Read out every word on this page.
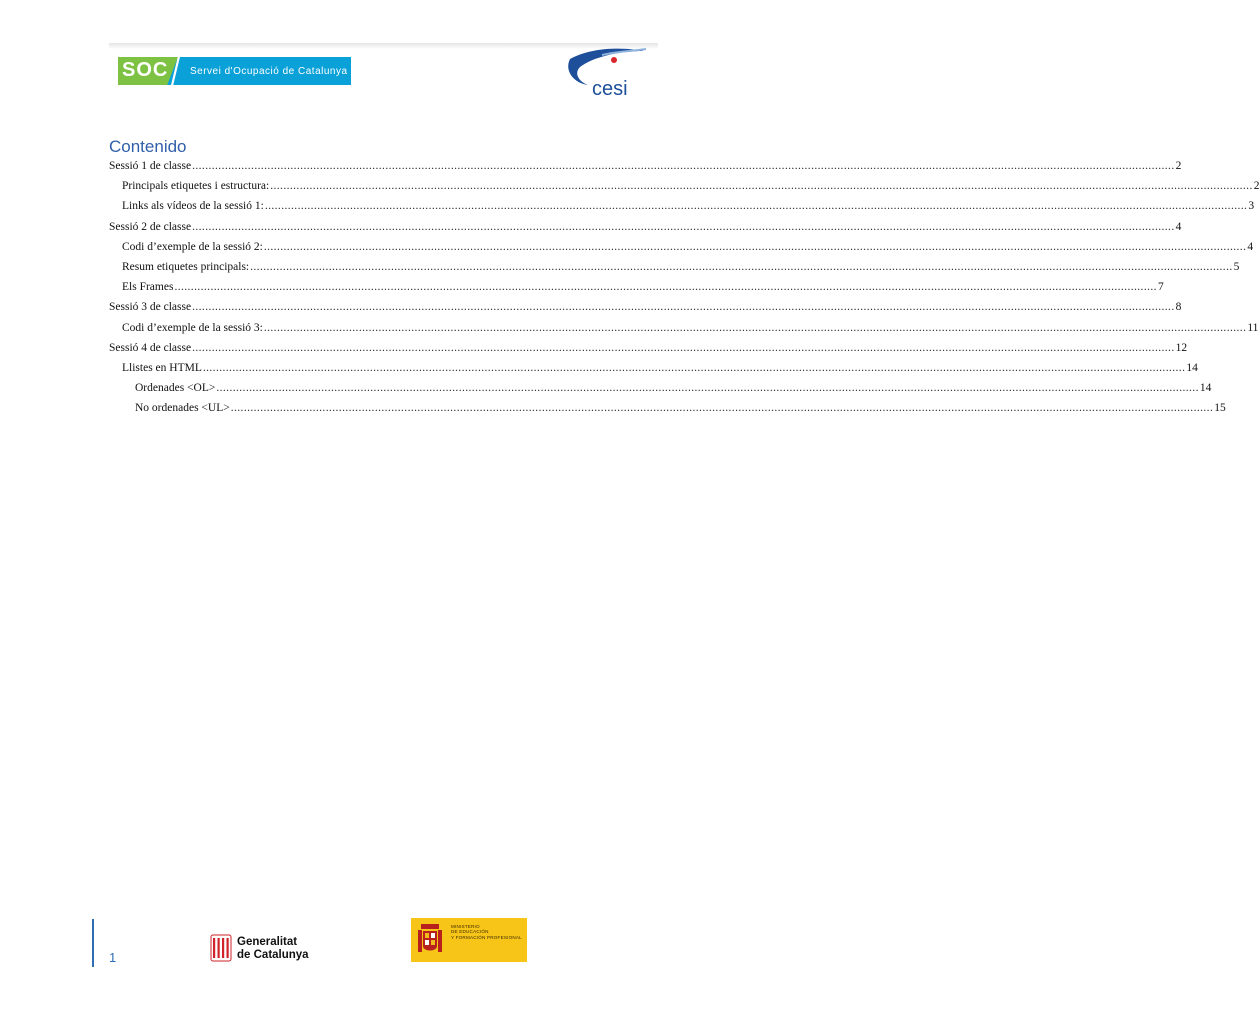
SOC Servei d'Ocupació de Catalunya
cesi
Contenido
Sessió 1 de classe ............................................................................................................................................................................................................................................................................................................ 2
Principals etiquetes i estructura: ............................................................................................................................................................................................................................................................................................................ 2
Links als vídeos de la sessió 1: ............................................................................................................................................................................................................................................................................................................ 3
Sessió 2 de classe ............................................................................................................................................................................................................................................................................................................ 4
Codi d’exemple de la sessió 2: ............................................................................................................................................................................................................................................................................................................ 4
Resum etiquetes principals: ............................................................................................................................................................................................................................................................................................................ 5
Els Frames ............................................................................................................................................................................................................................................................................................................ 7
Sessió 3 de classe ............................................................................................................................................................................................................................................................................................................ 8
Codi d’exemple de la sessió 3: ............................................................................................................................................................................................................................................................................................................ 11
Sessió 4 de classe ............................................................................................................................................................................................................................................................................................................ 12
Llistes en HTML ............................................................................................................................................................................................................................................................................................................ 14
Ordenades <OL> ............................................................................................................................................................................................................................................................................................................ 14
No ordenades <UL> ............................................................................................................................................................................................................................................................................................................ 15
1
Generalitat
de Catalunya
MINISTERIO
DE EDUCACIÓN
Y FORMACIÓN PROFESIONAL
